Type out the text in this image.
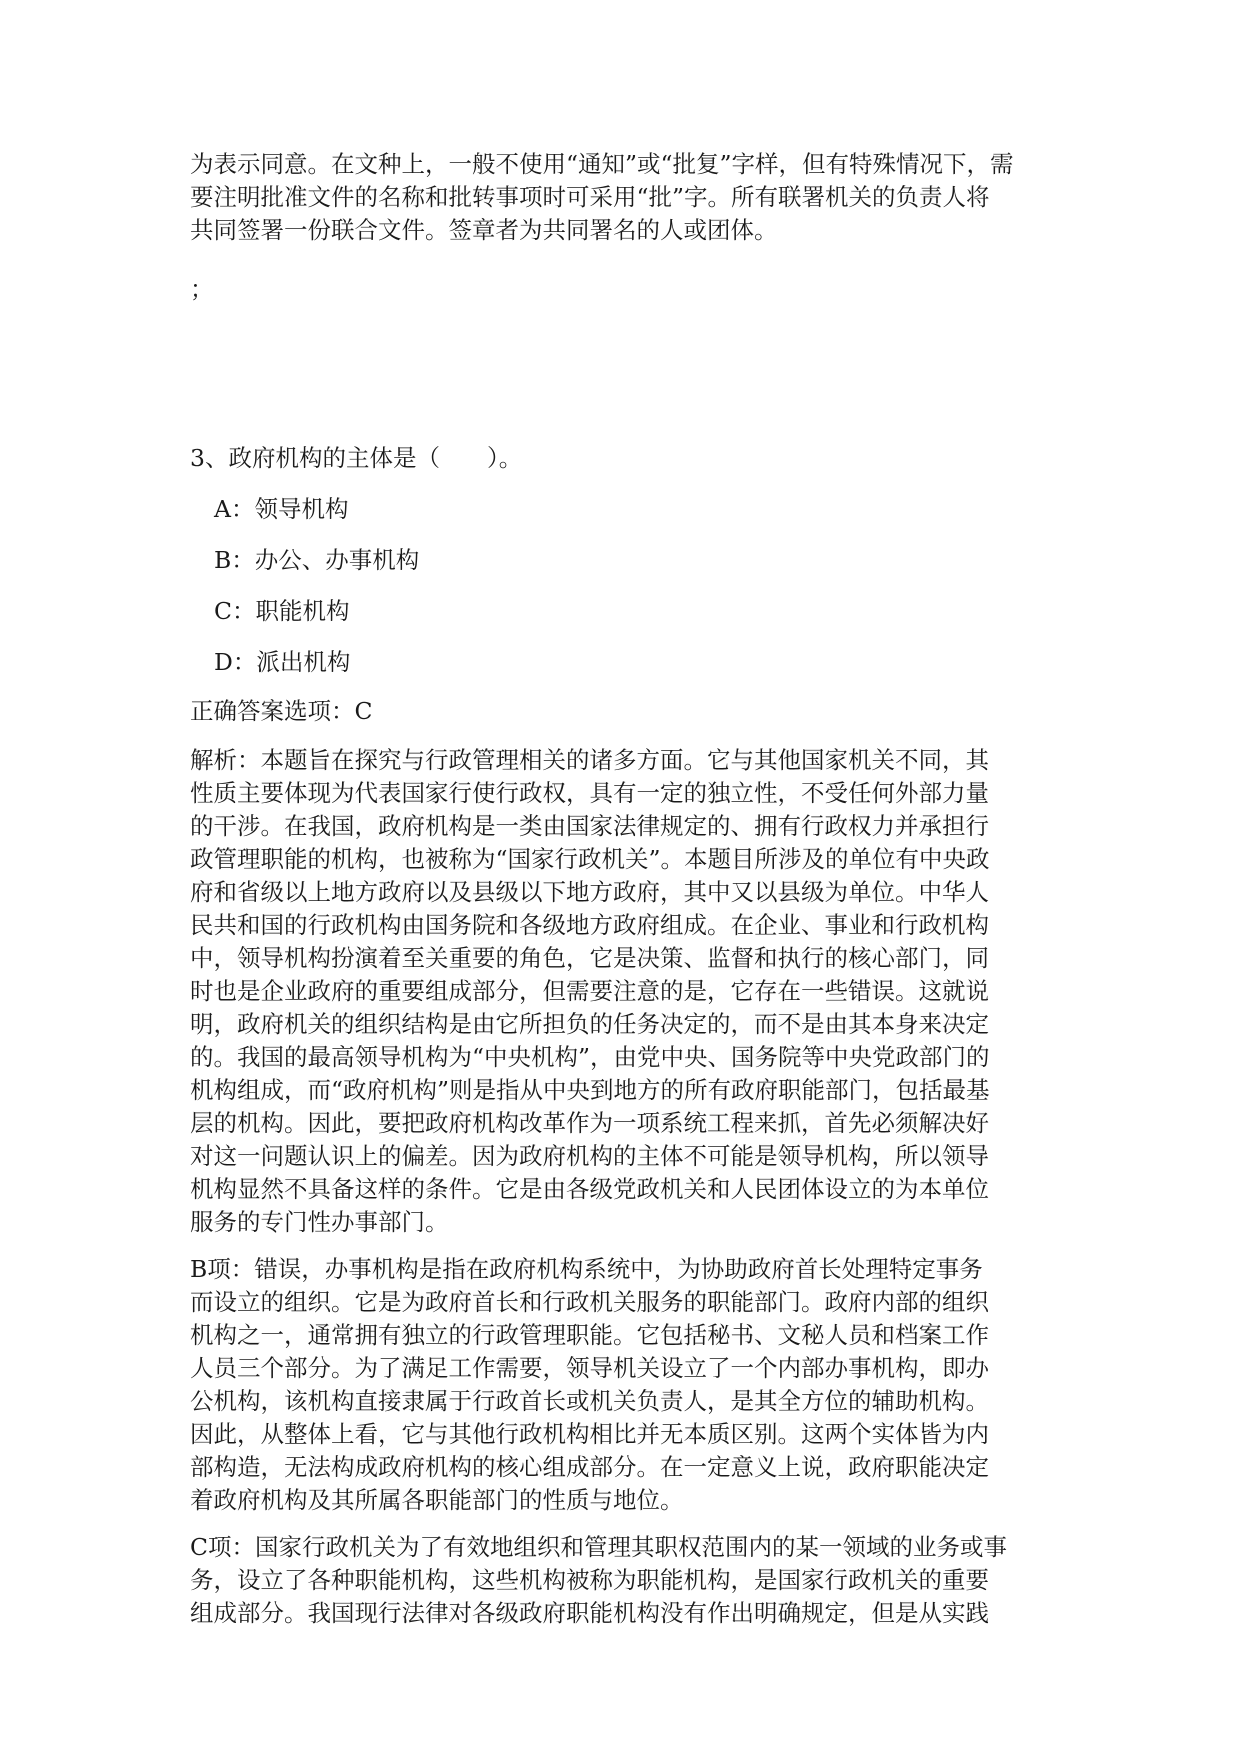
为表示同意。在文种上，一般不使用“通知”或“批复”字样，但有特殊情况下，需
要注明批准文件的名称和批转事项时可采用“批”字。所有联署机关的负责人将
共同签署一份联合文件。签章者为共同署名的人或团体。

；

3、政府机构的主体是（　　）。

A：领导机构

B：办公、办事机构

C：职能机构

D：派出机构

正确答案选项：C

解析：本题旨在探究与行政管理相关的诸多方面。它与其他国家机关不同，其
性质主要体现为代表国家行使行政权，具有一定的独立性，不受任何外部力量
的干涉。在我国，政府机构是一类由国家法律规定的、拥有行政权力并承担行
政管理职能的机构，也被称为“国家行政机关”。本题目所涉及的单位有中央政
府和省级以上地方政府以及县级以下地方政府，其中又以县级为单位。中华人
民共和国的行政机构由国务院和各级地方政府组成。在企业、事业和行政机构
中，领导机构扮演着至关重要的角色，它是决策、监督和执行的核心部门，同
时也是企业政府的重要组成部分，但需要注意的是，它存在一些错误。这就说
明，政府机关的组织结构是由它所担负的任务决定的，而不是由其本身来决定
的。我国的最高领导机构为“中央机构”，由党中央、国务院等中央党政部门的
机构组成，而“政府机构”则是指从中央到地方的所有政府职能部门，包括最基
层的机构。因此，要把政府机构改革作为一项系统工程来抓，首先必须解决好
对这一问题认识上的偏差。因为政府机构的主体不可能是领导机构，所以领导
机构显然不具备这样的条件。它是由各级党政机关和人民团体设立的为本单位
服务的专门性办事部门。

B项：错误，办事机构是指在政府机构系统中，为协助政府首长处理特定事务
而设立的组织。它是为政府首长和行政机关服务的职能部门。政府内部的组织
机构之一，通常拥有独立的行政管理职能。它包括秘书、文秘人员和档案工作
人员三个部分。为了满足工作需要，领导机关设立了一个内部办事机构，即办
公机构，该机构直接隶属于行政首长或机关负责人，是其全方位的辅助机构。
因此，从整体上看，它与其他行政机构相比并无本质区别。这两个实体皆为内
部构造，无法构成政府机构的核心组成部分。在一定意义上说，政府职能决定
着政府机构及其所属各职能部门的性质与地位。

C项：国家行政机关为了有效地组织和管理其职权范围内的某一领域的业务或事
务，设立了各种职能机构，这些机构被称为职能机构，是国家行政机关的重要
组成部分。我国现行法律对各级政府职能机构没有作出明确规定，但是从实践
